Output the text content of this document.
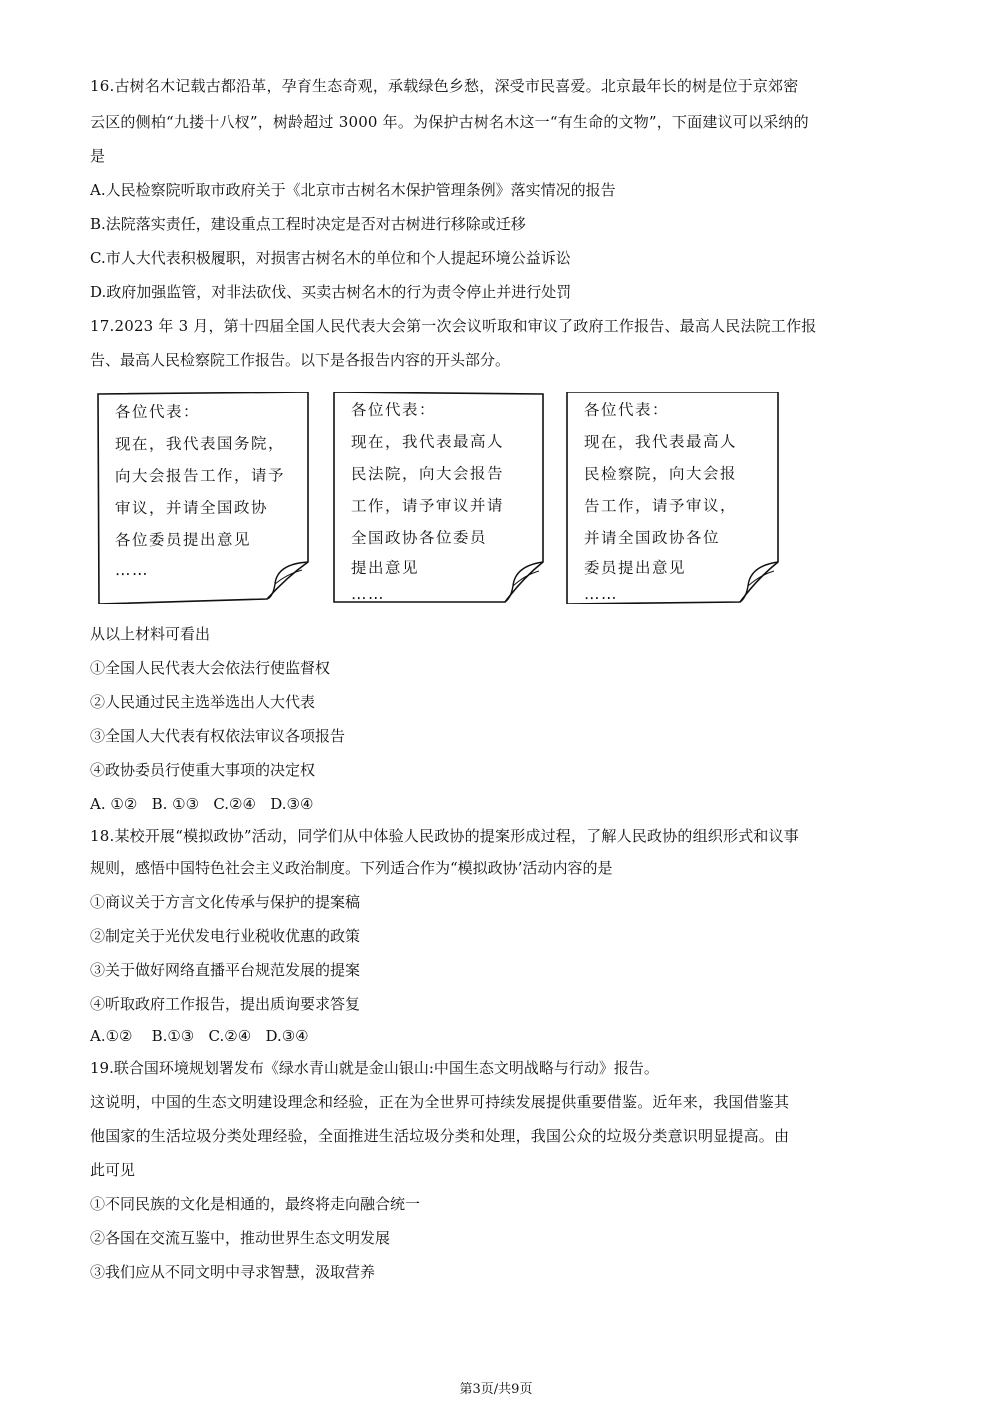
16.古树名木记载古都沿革，孕育生态奇观，承载绿色乡愁，深受市民喜爱。北京最年长的树是位于京郊密
云区的侧柏“九搂十八杈”，树龄超过 3000 年。为保护古树名木这一“有生命的文物”，下面建议可以采纳的
是
A.人民检察院听取市政府关于《北京市古树名木保护管理条例》落实情况的报告
B.法院落实责任，建设重点工程时决定是否对古树进行移除或迁移
C.市人大代表积极履职，对损害古树名木的单位和个人提起环境公益诉讼
D.政府加强监管，对非法砍伐、买卖古树名木的行为责令停止并进行处罚
17.2023 年 3 月，第十四届全国人民代表大会第一次会议听取和审议了政府工作报告、最高人民法院工作报
告、最高人民检察院工作报告。以下是各报告内容的开头部分。
各位代表：
现在，我代表国务院，
向大会报告工作，请予
审议，并请全国政协
各位委员提出意见
……
各位代表：
现在，我代表最高人
民法院，向大会报告
工作，请予审议并请
全国政协各位委员
提出意见
……
各位代表：
现在，我代表最高人
民检察院，向大会报
告工作，请予审议，
并请全国政协各位
委员提出意见
……
从以上材料可看出
①全国人民代表大会依法行使监督权
②人民通过民主选举选出人大代表
③全国人大代表有权依法审议各项报告
④政协委员行使重大事项的决定权
A. ①②   B. ①③   C.②④   D.③④
18.某校开展“模拟政协”活动，同学们从中体验人民政协的提案形成过程，了解人民政协的组织形式和议事
规则，感悟中国特色社会主义政治制度。下列适合作为“模拟政协’活动内容的是
①商议关于方言文化传承与保护的提案稿
②制定关于光伏发电行业税收优惠的政策
③关于做好网络直播平台规范发展的提案
④听取政府工作报告，提出质询要求答复
A.①②    B.①③   C.②④   D.③④
19.联合国环境规划署发布《绿水青山就是金山银山:中国生态文明战略与行动》报告。
这说明，中国的生态文明建设理念和经验，正在为全世界可持续发展提供重要借鉴。近年来，我国借鉴其
他国家的生活垃圾分类处理经验，全面推进生活垃圾分类和处理，我国公众的垃圾分类意识明显提高。由
此可见
①不同民族的文化是相通的，最终将走向融合统一
②各国在交流互鉴中，推动世界生态文明发展
③我们应从不同文明中寻求智慧，汲取营养
第3页/共9页
